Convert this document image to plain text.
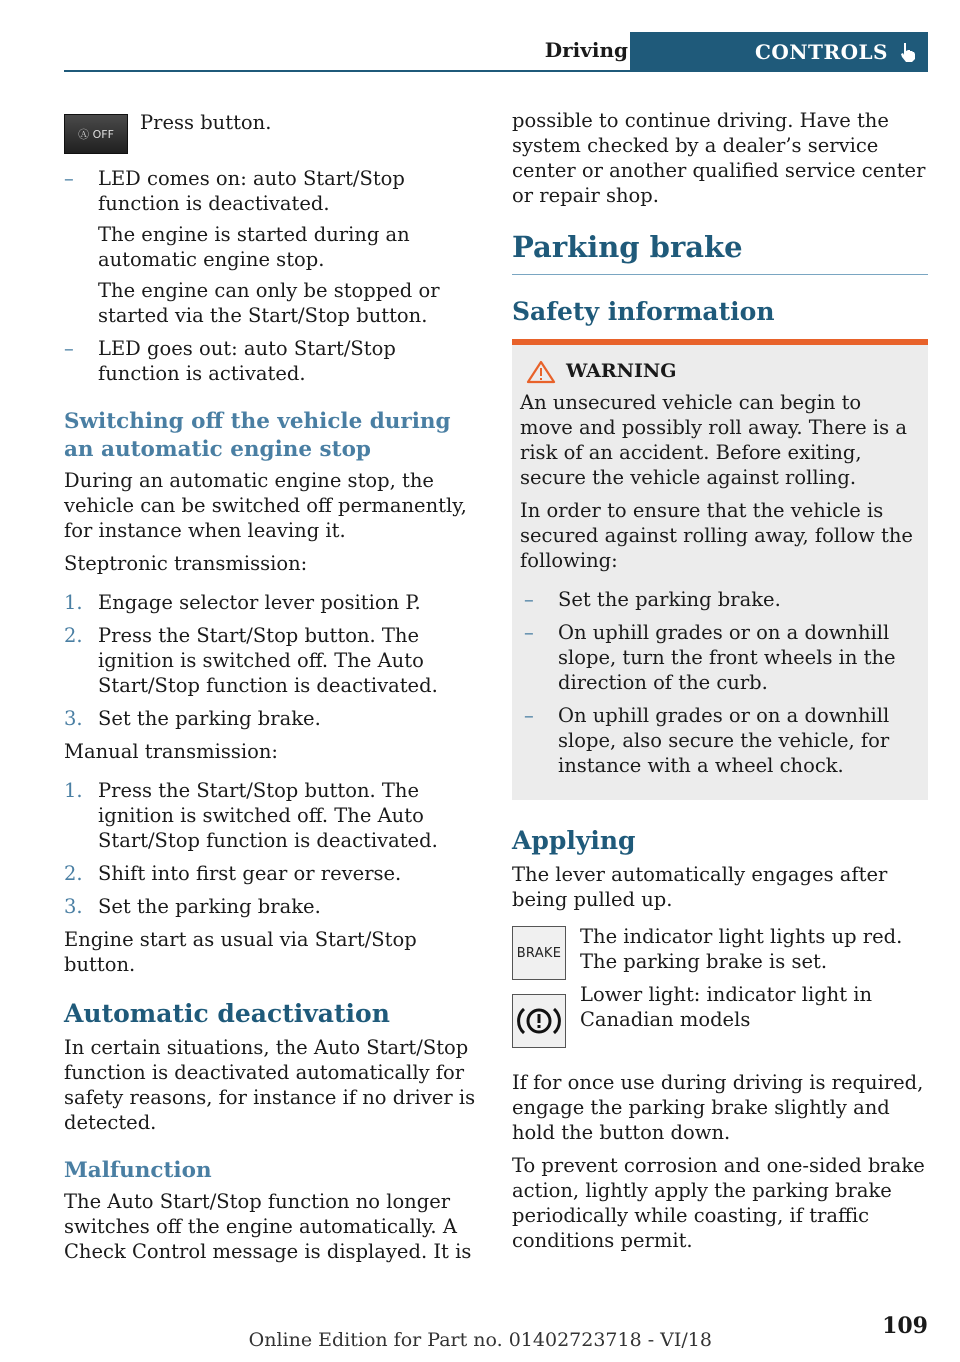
Driving	CONTROLS
Ⓐ OFF Press button.
–	LED comes on: auto Start/Stop function is deactivated.

The engine is started during an automatic engine stop.

The engine can only be stopped or started via the Start/Stop button.

–	LED goes out: auto Start/Stop function is activated.
Switching off the vehicle during an automatic engine stop

During an automatic engine stop, the vehicle can be switched off permanently, for instance when leaving it.

Steptronic transmission:

1. Engage selector lever position P.
2. Press the Start/Stop button. The ignition is switched off. The Auto Start/Stop function is deactivated.
3. Set the parking brake.

Manual transmission:

1. Press the Start/Stop button. The ignition is switched off. The Auto Start/Stop function is deactivated.
2. Shift into first gear or reverse.
3. Set the parking brake.

Engine start as usual via Start/Stop button.

Automatic deactivation

In certain situations, the Auto Start/Stop function is deactivated automatically for safety reasons, for instance if no driver is detected.

Malfunction

The Auto Start/Stop function no longer switches off the engine automatically. A Check Control message is displayed. It is

possible to continue driving. Have the system checked by a dealer’s service center or another qualified service center or repair shop.

Parking brake
Safety information
WARNING

An unsecured vehicle can begin to move and possibly roll away. There is a risk of an accident. Before exiting, secure the vehicle against rolling.

In order to ensure that the vehicle is secured against rolling away, follow the following:

–	Set the parking brake.
–	On uphill grades or on a downhill slope, turn the front wheels in the direction of the curb.
–	On uphill grades or on a downhill slope, also secure the vehicle, for instance with a wheel chock.
Applying

The lever automatically engages after being pulled up.

BRAKE

The indicator light lights up red. The parking brake is set.

Lower light: indicator light in Canadian models

If for once use during driving is required, engage the parking brake slightly and hold the button down.

To prevent corrosion and one-sided brake action, lightly apply the parking brake periodically while coasting, if traffic conditions permit.

109
Online Edition for Part no. 01402723718 - VI/18
